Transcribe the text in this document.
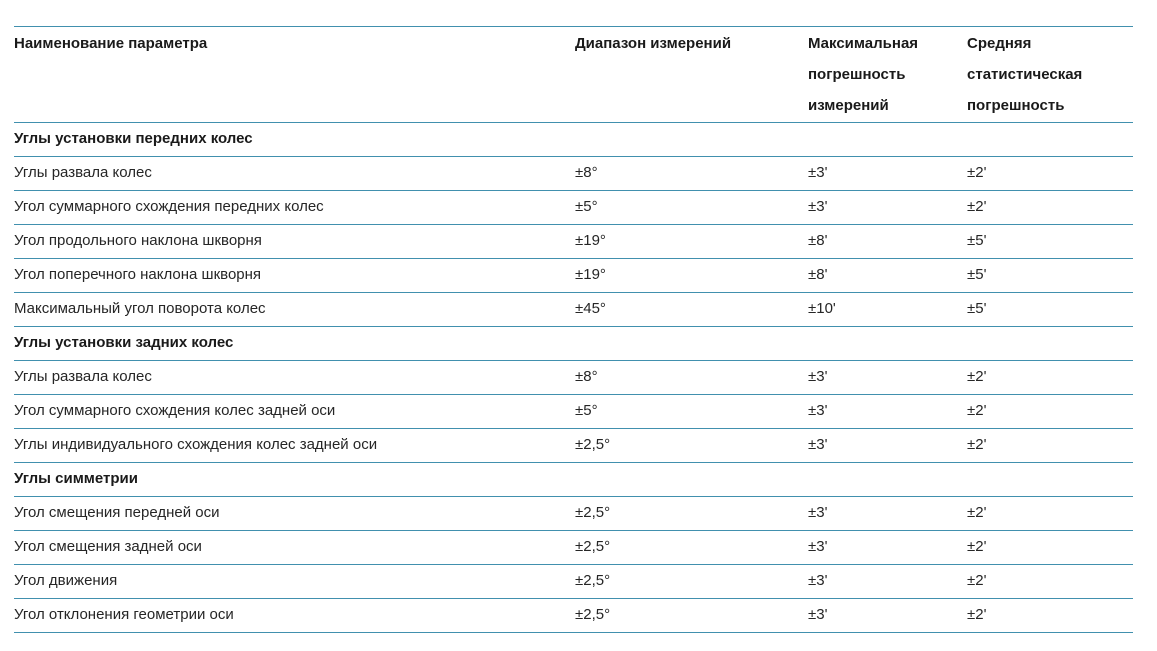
Наименование параметра	Диапазон измерений	Максимальная погрешность измерений	Средняя статистическая погрешность
Углы установки передних колес			
Углы развала колес	±8°	±3'	±2'
Угол суммарного схождения передних колес	±5°	±3'	±2'
Угол продольного наклона шкворня	±19°	±8'	±5'
Угол поперечного наклона шкворня	±19°	±8'	±5'
Максимальный угол поворота колес	±45°	±10'	±5'
Углы установки задних колес			
Углы развала колес	±8°	±3'	±2'
Угол суммарного схождения колес задней оси	±5°	±3'	±2'
Углы индивидуального схождения колес задней оси	±2,5°	±3'	±2'
Углы симметрии			
Угол смещения передней оси	±2,5°	±3'	±2'
Угол смещения задней оси	±2,5°	±3'	±2'
Угол движения	±2,5°	±3'	±2'
Угол отклонения геометрии оси	±2,5°	±3'	±2'
